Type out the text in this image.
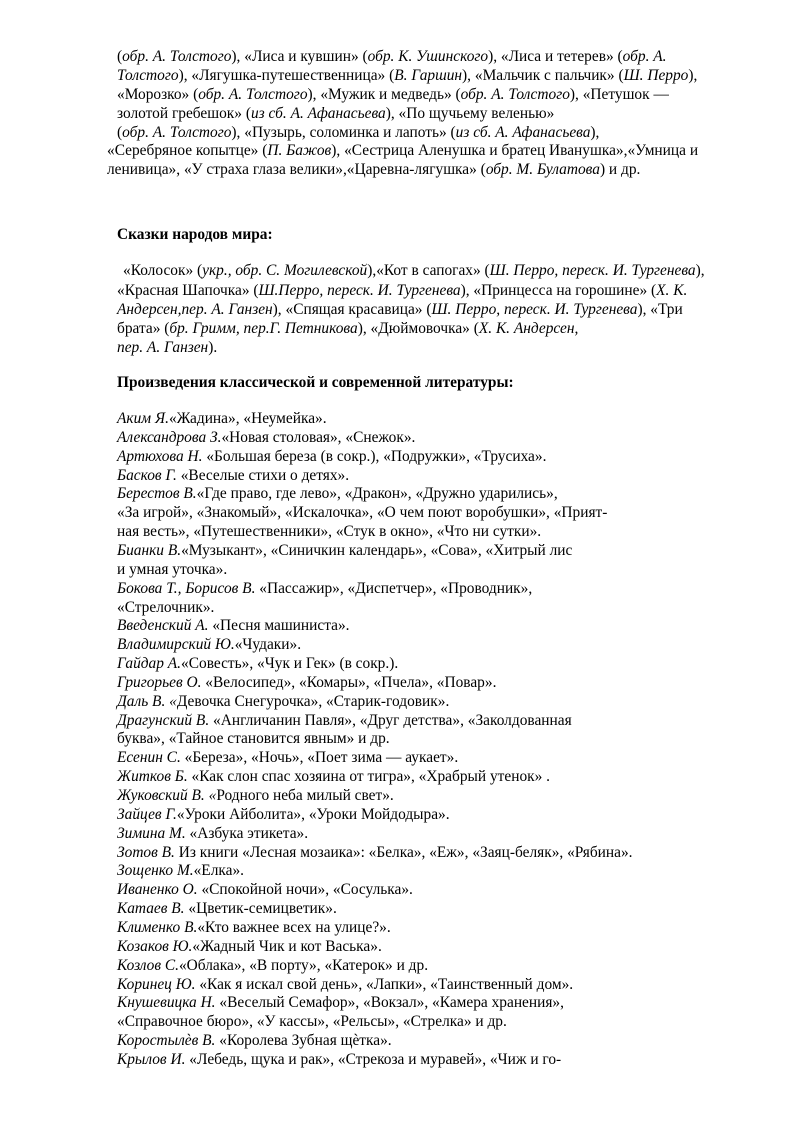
(обр. А. Толстого), «Лиса и кувшин» (обр. К. Ушинского), «Лиса и тетерев» (обр. А.
Толстого), «Лягушка-путешественница» (В. Гаршин), «Мальчик с пальчик» (Ш. Перро),
«Морозко» (обр. А. Толстого), «Мужик и медведь» (обр. А. Толстого), «Петушок —
золотой гребешок» (из сб. А. Афанасьева), «По щучьему веленью»
(обр. А. Толстого), «Пузырь, соломинка и лапоть» (из сб. А. Афанасьева),
«Серебряное копытце» (П. Бажов), «Сестрица Аленушка и братец Иванушка»,«Умница и
ленивица», «У страха глаза велики»,«Царевна-лягушка» (обр. М. Булатова) и др.
Сказки народов мира:
«Колосок» (укр., обр. С. Могилевской),«Кот в сапогах» (Ш. Перро, переск. И. Тургенева),
«Красная Шапочка» (Ш.Перро, переск. И. Тургенева), «Принцесса на горошине» (Х. К.
Андерсен,пер. А. Ганзен), «Спящая красавица» (Ш. Перро, переск. И. Тургенева), «Три
брата» (бр. Гримм, пер.Г. Петникова), «Дюймовочка» (Х. К. Андерсен,
пер. А. Ганзен).
Произведения классической и современной литературы:
Аким Я.«Жадина», «Неумейка».
Александрова З.«Новая столовая», «Снежок».
Артюхова Н. «Большая береза (в сокр.), «Подружки», «Трусиха».
Басков Г. «Веселые стихи о детях».
Берестов В.«Где право, где лево», «Дракон», «Дружно ударились»,
«За игрой», «Знакомый», «Искалочка», «О чем поют воробушки», «Прият-
ная весть», «Путешественники», «Стук в окно», «Что ни сутки».
Бианки В.«Музыкант», «Синичкин календарь», «Сова», «Хитрый лис
и умная уточка».
Бокова Т., Борисов В. «Пассажир», «Диспетчер», «Проводник»,
«Стрелочник».
Введенский А. «Песня машиниста».
Владимирский Ю.«Чудаки».
Гайдар А.«Совесть», «Чук и Гек» (в сокр.).
Григорьев О. «Велосипед», «Комары», «Пчела», «Повар».
Даль В. «Девочка Снегурочка», «Старик-годовик».
Драгунский В. «Англичанин Павля», «Друг детства», «Заколдованная
буква», «Тайное становится явным» и др.
Есенин С. «Береза», «Ночь», «Поет зима — аукает».
Житков Б. «Как слон спас хозяина от тигра», «Храбрый утенок» .
Жуковский В. «Родного неба милый свет».
Зайцев Г.«Уроки Айболита», «Уроки Мойдодыра».
Зимина М. «Азбука этикета».
Зотов В. Из книги «Лесная мозаика»: «Белка», «Еж», «Заяц-беляк», «Рябина».
Зощенко М.«Елка».
Иваненко О. «Спокойной ночи», «Сосулька».
Катаев В. «Цветик-семицветик».
Клименко В.«Кто важнее всех на улице?».
Козаков Ю.«Жадный Чик и кот Васька».
Козлов С.«Облака», «В порту», «Катерок» и др.
Коринец Ю. «Как я искал свой день», «Лапки», «Таинственный дом».
Кнушевицка Н. «Веселый Семафор», «Вокзал», «Камера хранения»,
«Справочное бюро», «У кассы», «Рельсы», «Стрелка» и др.
Коростылѐв В. «Королева Зубная щѐтка».
Крылов И. «Лебедь, щука и рак», «Стрекоза и муравей», «Чиж и го-
